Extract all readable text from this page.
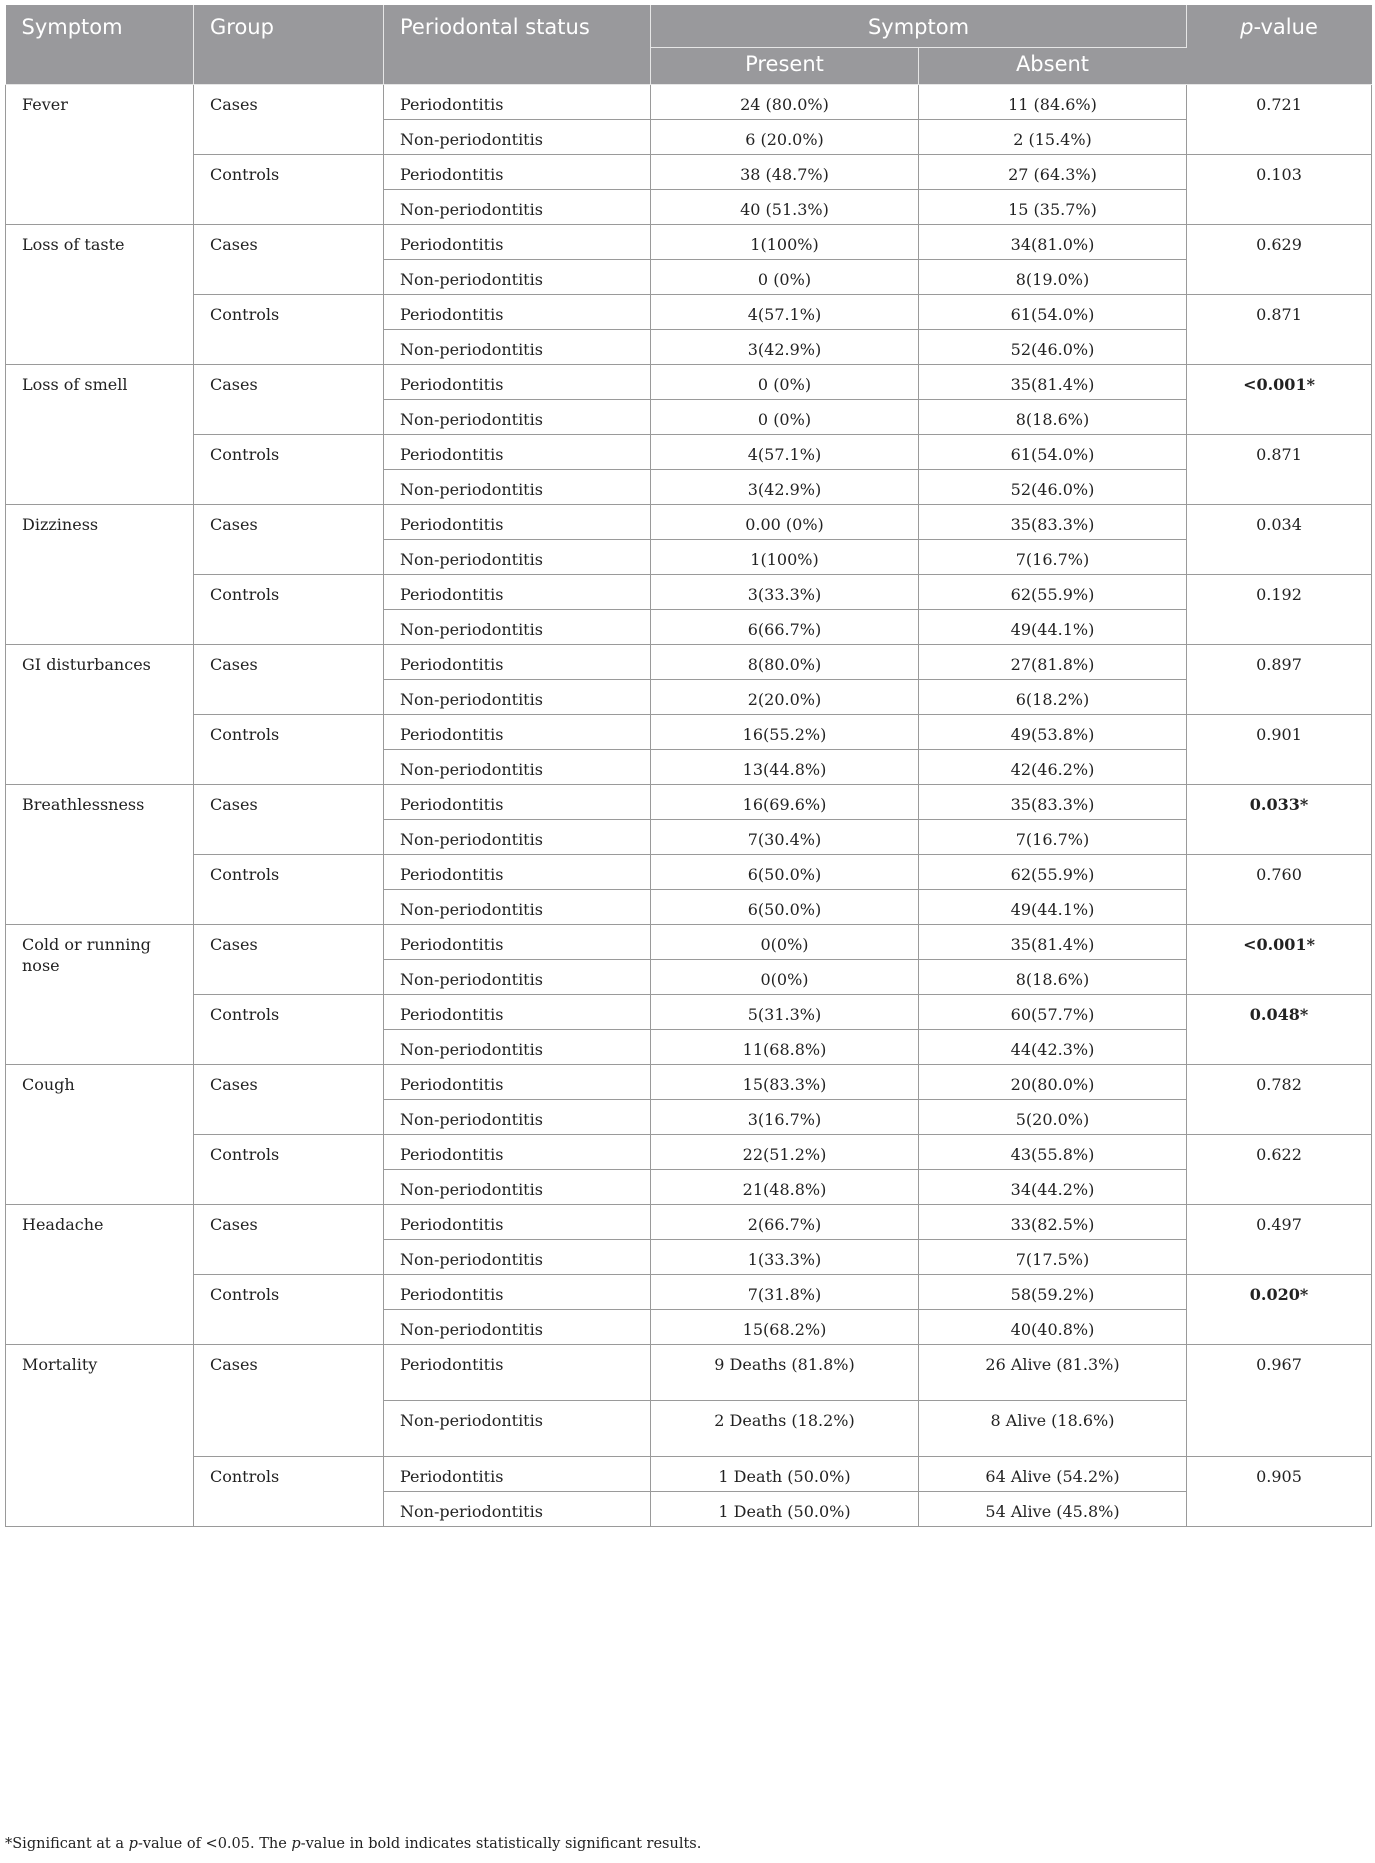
Symptom	Group	Periodontal status	Symptom		p-value
			Present	Absent	
Fever	Cases	Periodontitis	24 (80.0%)	11 (84.6%)	0.721
		Non-periodontitis	6 (20.0%)	2 (15.4%)	
	Controls	Periodontitis	38 (48.7%)	27 (64.3%)	0.103
		Non-periodontitis	40 (51.3%)	15 (35.7%)	
Loss of taste	Cases	Periodontitis	1(100%)	34(81.0%)	0.629
		Non-periodontitis	0 (0%)	8(19.0%)	
	Controls	Periodontitis	4(57.1%)	61(54.0%)	0.871
		Non-periodontitis	3(42.9%)	52(46.0%)	
Loss of smell	Cases	Periodontitis	0 (0%)	35(81.4%)	<0.001*
		Non-periodontitis	0 (0%)	8(18.6%)	
	Controls	Periodontitis	4(57.1%)	61(54.0%)	0.871
		Non-periodontitis	3(42.9%)	52(46.0%)	
Dizziness	Cases	Periodontitis	0.00 (0%)	35(83.3%)	0.034
		Non-periodontitis	1(100%)	7(16.7%)	
	Controls	Periodontitis	3(33.3%)	62(55.9%)	0.192
		Non-periodontitis	6(66.7%)	49(44.1%)	
GI disturbances	Cases	Periodontitis	8(80.0%)	27(81.8%)	0.897
		Non-periodontitis	2(20.0%)	6(18.2%)	
	Controls	Periodontitis	16(55.2%)	49(53.8%)	0.901
		Non-periodontitis	13(44.8%)	42(46.2%)	
Breathlessness	Cases	Periodontitis	16(69.6%)	35(83.3%)	0.033*
		Non-periodontitis	7(30.4%)	7(16.7%)	
	Controls	Periodontitis	6(50.0%)	62(55.9%)	0.760
		Non-periodontitis	6(50.0%)	49(44.1%)	
Cold or running nose	Cases	Periodontitis	0(0%)	35(81.4%)	<0.001*
		Non-periodontitis	0(0%)	8(18.6%)	
	Controls	Periodontitis	5(31.3%)	60(57.7%)	0.048*
		Non-periodontitis	11(68.8%)	44(42.3%)	
Cough	Cases	Periodontitis	15(83.3%)	20(80.0%)	0.782
		Non-periodontitis	3(16.7%)	5(20.0%)	
	Controls	Periodontitis	22(51.2%)	43(55.8%)	0.622
		Non-periodontitis	21(48.8%)	34(44.2%)	
Headache	Cases	Periodontitis	2(66.7%)	33(82.5%)	0.497
		Non-periodontitis	1(33.3%)	7(17.5%)	
	Controls	Periodontitis	7(31.8%)	58(59.2%)	0.020*
		Non-periodontitis	15(68.2%)	40(40.8%)	
Mortality	Cases	Periodontitis	9 Deaths (81.8%)	26 Alive (81.3%)	0.967
		Non-periodontitis	2 Deaths (18.2%)	8 Alive (18.6%)	
	Controls	Periodontitis	1 Death (50.0%)	64 Alive (54.2%)	0.905
		Non-periodontitis	1 Death (50.0%)	54 Alive (45.8%)	
*Significant at a p-value of <0.05. The p-value in bold indicates statistically significant results.
